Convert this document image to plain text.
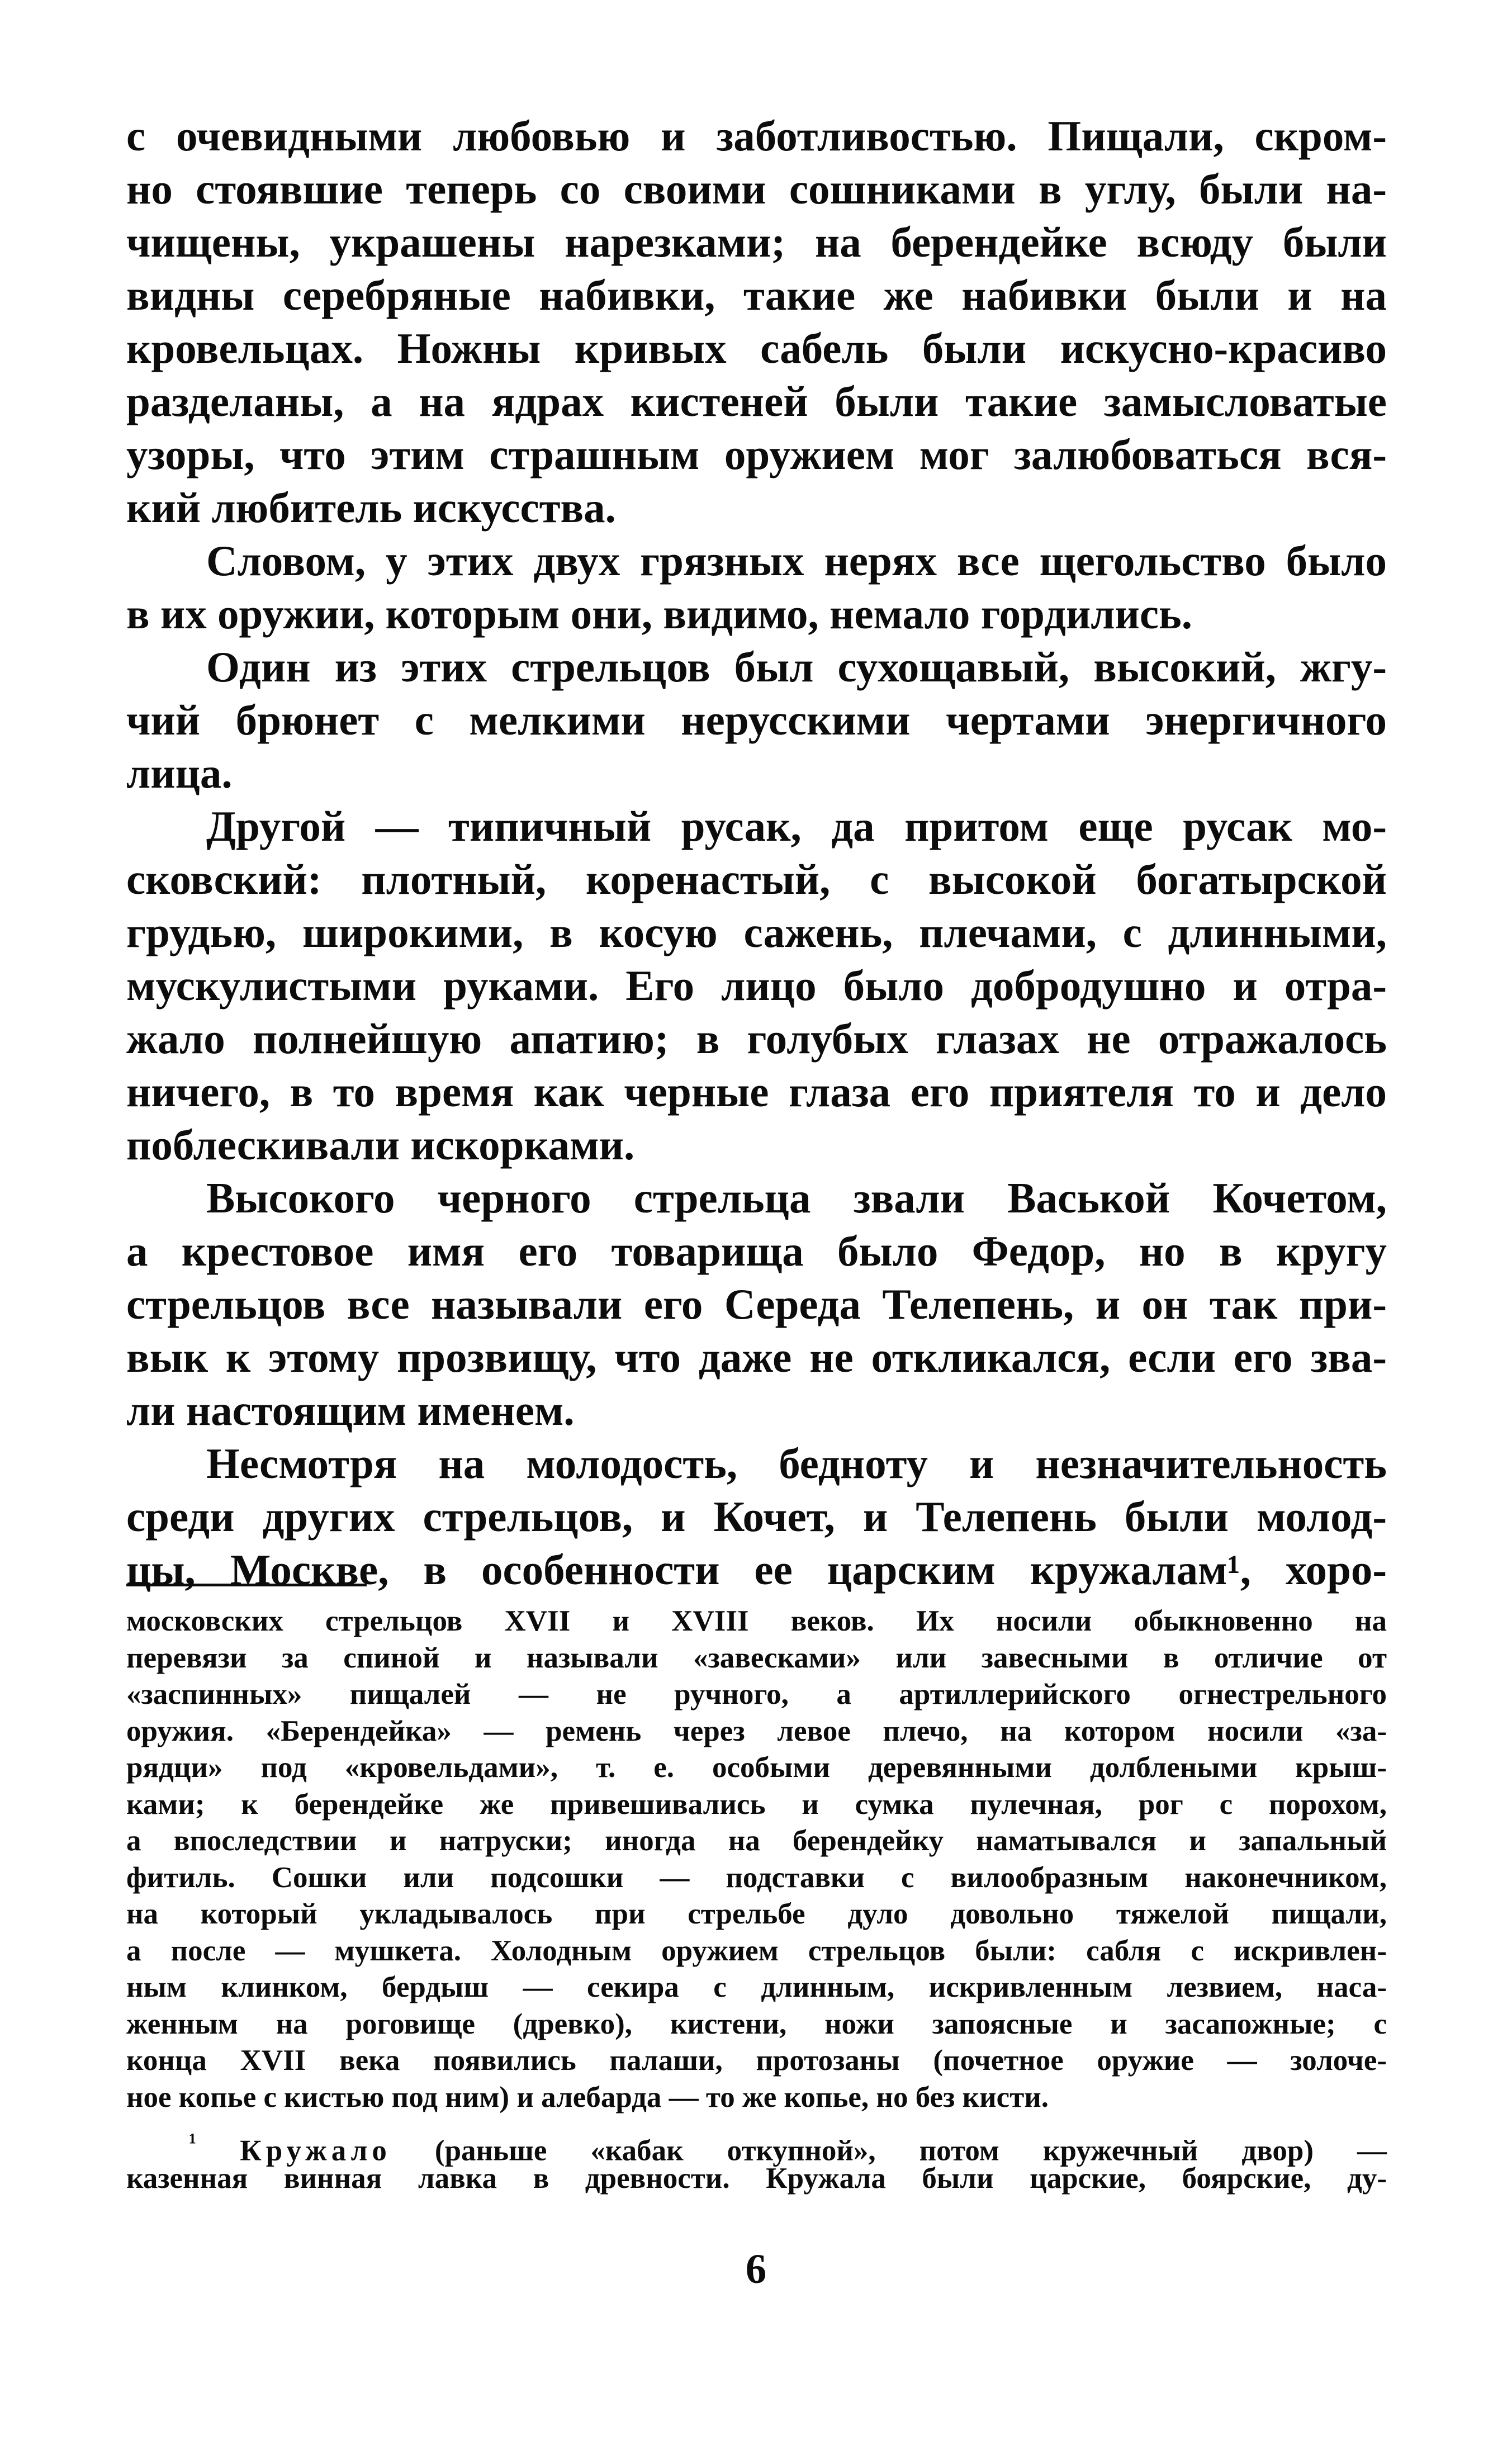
с очевидными любовью и заботливостью. Пищали, скром-
но стоявшие теперь со своими сошниками в углу, были на-
чищены, украшены нарезками; на берендейке всюду были
видны серебряные набивки, такие же набивки были и на
кровельцах. Ножны кривых сабель были искусно-красиво
разделаны, а на ядрах кистеней были такие замысловатые
узоры, что этим страшным оружием мог залюбоваться вся-
кий любитель искусства.
Словом, у этих двух грязных нерях все щегольство было
в их оружии, которым они, видимо, немало гордились.
Один из этих стрельцов был сухощавый, высокий, жгу-
чий брюнет с мелкими нерусскими чертами энергичного
лица.
Другой — типичный русак, да притом еще русак мо-
сковский: плотный, коренастый, с высокой богатырской
грудью, широкими, в косую сажень, плечами, с длинными,
мускулистыми руками. Его лицо было добродушно и отра-
жало полнейшую апатию; в голубых глазах не отражалось
ничего, в то время как черные глаза его приятеля то и дело
поблескивали искорками.
Высокого черного стрельца звали Васькой Кочетом,
а крестовое имя его товарища было Федор, но в кругу
стрельцов все называли его Середа Телепень, и он так при-
вык к этому прозвищу, что даже не откликался, если его зва-
ли настоящим именем.
Несмотря на молодость, бедноту и незначительность
среди других стрельцов, и Кочет, и Телепень были молод-
цы, Москве, в особенности ее царским кружалам¹, хоро-
московских стрельцов XVII и XVIII веков. Их носили обыкновенно на
перевязи за спиной и называли «завесками» или завесными в отличие от
«заспинных» пищалей — не ручного, а артиллерийского огнестрельного
оружия. «Берендейка» — ремень через левое плечо, на котором носили «за-
рядци» под «кровельдами», т. е. особыми деревянными долблеными крыш-
ками; к берендейке же привешивались и сумка пулечная, рог с порохом,
а впоследствии и натруски; иногда на берендейку наматывался и запальный
фитиль. Сошки или подсошки — подставки с вилообразным наконечником,
на который укладывалось при стрельбе дуло довольно тяжелой пищали,
а после — мушкета. Холодным оружием стрельцов были: сабля с искривлен-
ным клинком, бердыш — секира с длинным, искривленным лезвием, наса-
женным на роговище (древко), кистени, ножи запоясные и засапожные; с
конца XVII века появились палаши, протозаны (почетное оружие — золоче-
ное копье с кистью под ним) и алебарда — то же копье, но без кисти.
$^{^1}$ Кружало (раньше «кабак откупной», потом кружечный двор) —
казенная винная лавка в древности. Кружала были царские, боярские, ду-
6
